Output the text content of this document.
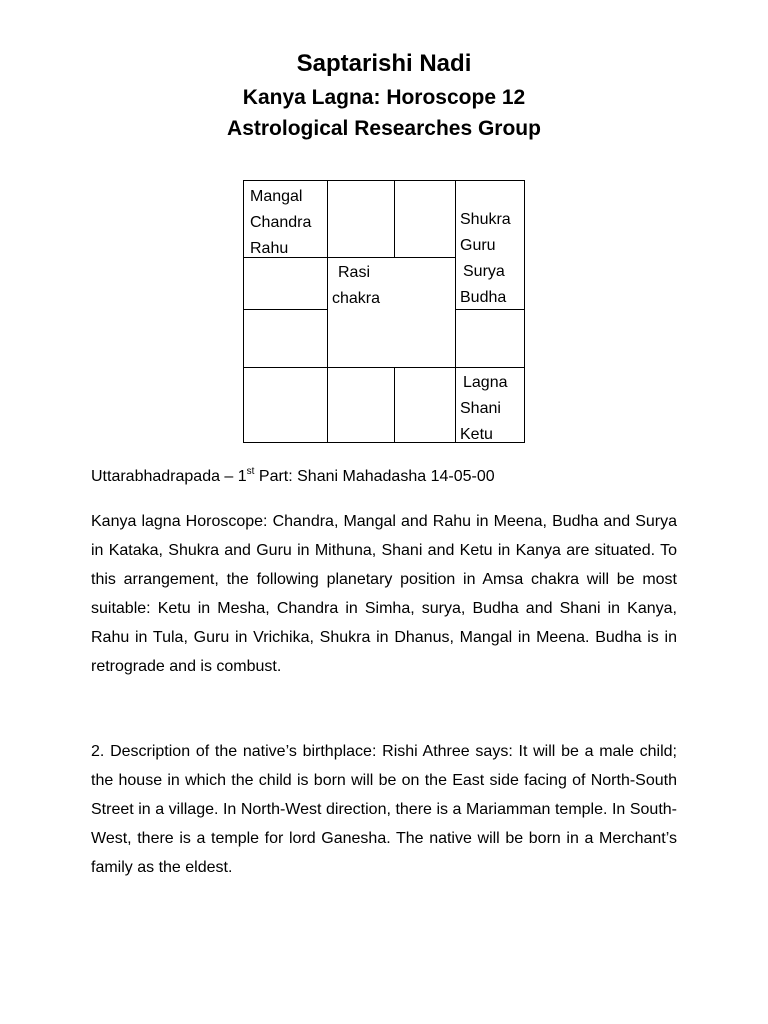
Saptarishi Nadi
Kanya Lagna: Horoscope 12
Astrological Researches Group
Mangal
Chandra
Rahu
Shukra
Guru
Surya
Budha
Rasi
chakra
Lagna
Shani
Ketu
Uttarabhadrapada – 1st Part: Shani Mahadasha 14-05-00

Kanya lagna Horoscope: Chandra, Mangal and Rahu in Meena, Budha and Surya in Kataka, Shukra and Guru in Mithuna, Shani and Ketu in Kanya are situated. To this arrangement, the following planetary position in Amsa chakra will be most suitable: Ketu in Mesha, Chandra in Simha, surya, Budha and Shani in Kanya, Rahu in Tula, Guru in Vrichika, Shukra in Dhanus, Mangal in Meena. Budha is in retrograde and is combust.

2. Description of the native’s birthplace: Rishi Athree says: It will be a male child; the house in which the child is born will be on the East side facing of North-South Street in a village. In North-West direction, there is a Mariamman temple. In South-West, there is a temple for lord Ganesha. The native will be born in a Merchant’s family as the eldest.
